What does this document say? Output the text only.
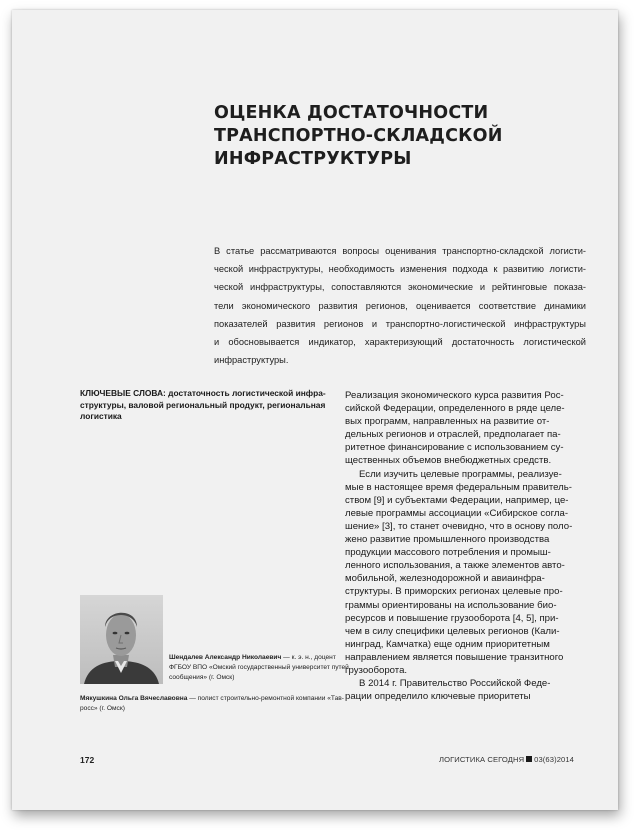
ОЦЕНКА ДОСТАТОЧНОСТИ
ТРАНСПОРТНО-СКЛАДСКОЙ
ИНФРАСТРУКТУРЫ
В статье рассматриваются вопросы оценивания транспортно-складской логисти-
ческой инфраструктуры, необходимость изменения подхода к развитию логисти-
ческой инфраструктуры, сопоставляются экономические и рейтинговые показа-
тели экономического развития регионов, оценивается соответствие динамики
показателей развития регионов и транспортно-логистической инфраструктуры
и обосновывается индикатор, характеризующий достаточность логистической
инфраструктуры.
КЛЮЧЕВЫЕ СЛОВА: достаточность логистической инфра-
структуры, валовой региональный продукт, региональная
логистика
Шендалев Александр Николаевич — к. э. н., доцент
ФГБОУ ВПО «Омский государственный университет путей
сообщения» (г. Омск)
Мякушкина Ольга Вячеславовна — полист строительно-ремонтной компании «Тав-
росс» (г. Омск)
Реализация экономического курса развития Рос-
сийской Федерации, определенного в ряде целе-
вых программ, направленных на развитие от-
дельных регионов и отраслей, предполагает па-
ритетное финансирование с использованием су-
щественных объемов внебюджетных средств.
Если изучить целевые программы, реализуе-
мые в настоящее время федеральным правитель-
ством [9] и субъектами Федерации, например, це-
левые программы ассоциации «Сибирское согла-
шение» [3], то станет очевидно, что в основу поло-
жено развитие промышленного производства
продукции массового потребления и промыш-
ленного использования, а также элементов авто-
мобильной, железнодорожной и авиаинфра-
структуры. В приморских регионах целевые про-
граммы ориентированы на использование био-
ресурсов и повышение грузооборота [4, 5], при-
чем в силу специфики целевых регионов (Кали-
нинград, Камчатка) еще одним приоритетным
направлением является повышение транзитного
грузооборота.
В 2014 г. Правительство Российской Феде-
рации определило ключевые приоритеты
172	ЛОГИСТИКА СЕГОДНЯ 03(63)2014
